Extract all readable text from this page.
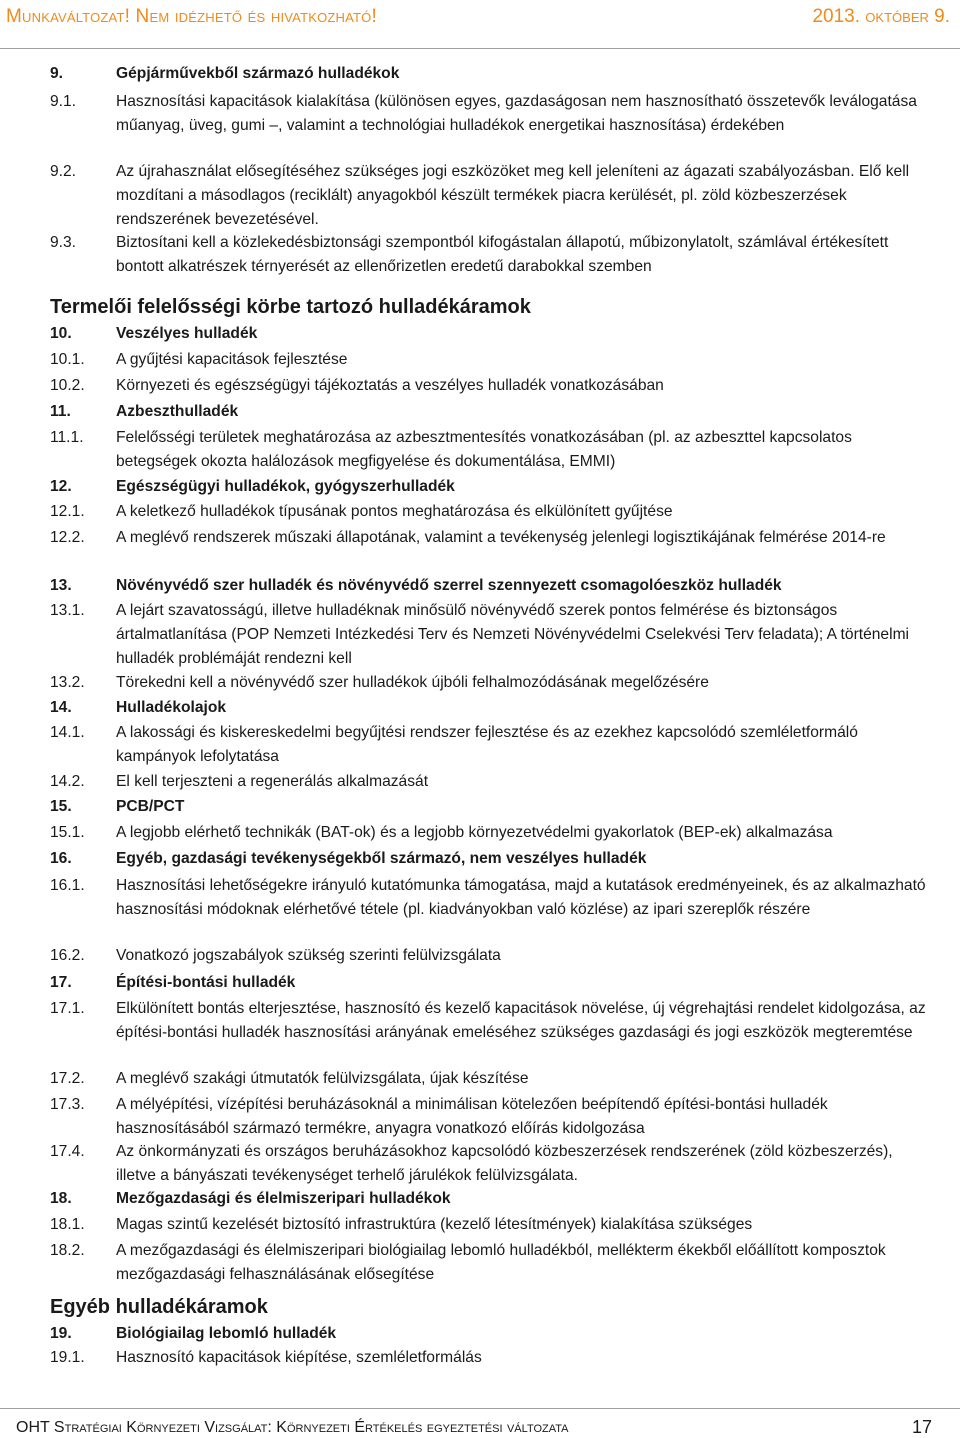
Munkaváltozat! Nem idézhető és hivatkozható!	2013. október 9.
9.	Gépjárművekből származó hulladékok
9.1.	Hasznosítási kapacitások kialakítása (különösen egyes, gazdaságosan nem hasznosítható összetevők leválogatása műanyag, üveg, gumi –, valamint a technológiai hulladékok energetikai hasznosítása) érdekében
9.2.	Az újrahasználat elősegítéséhez szükséges jogi eszközöket meg kell jeleníteni az ágazati szabályozásban. Elő kell mozdítani a másodlagos (reciklált) anyagokból készült termékek piacra kerülését, pl. zöld közbeszerzések rendszerének bevezetésével.
9.3.	Biztosítani kell a közlekedésbiztonsági szempontból kifogástalan állapotú, műbizonylatolt, számlával értékesített bontott alkatrészek térnyerését az ellenőrizetlen eredetű darabokkal szemben
Termelői felelősségi körbe tartozó hulladékáramok
10.	Veszélyes hulladék
10.1. A gyűjtési kapacitások fejlesztése
10.2. Környezeti és egészségügyi tájékoztatás a veszélyes hulladék vonatkozásában
11.	Azbeszthulladék
11.1. Felelősségi területek meghatározása az azbesztmentesítés vonatkozásában (pl. az azbeszttel kapcsolatos betegségek okozta halálozások megfigyelése és dokumentálása, EMMI)
12.	Egészségügyi hulladékok, gyógyszerhulladék
12.1. A keletkező hulladékok típusának pontos meghatározása és elkülönített gyűjtése
12.2. A meglévő rendszerek műszaki állapotának, valamint a tevékenység jelenlegi logisztikájának felmérése 2014-re
13.	Növényvédő szer hulladék és növényvédő szerrel szennyezett csomagolóeszköz hulladék
13.1. A lejárt szavatosságú, illetve hulladéknak minősülő növényvédő szerek pontos felmérése és biztonságos ártalmatlanítása (POP Nemzeti Intézkedési Terv és Nemzeti Növényvédelmi Cselekvési Terv feladata); A történelmi hulladék problémáját rendezni kell
13.2. Törekedni kell a növényvédő szer hulladékok újbóli felhalmozódásának megelőzésére
14.	Hulladékolajok
14.1. A lakossági és kiskereskedelmi begyűjtési rendszer fejlesztése és az ezekhez kapcsolódó szemléletformáló kampányok lefolytatása
14.2. El kell terjeszteni a regenerálás alkalmazását
15.	PCB/PCT
15.1. A legjobb elérhető technikák (BAT-ok) és a legjobb környezetvédelmi gyakorlatok (BEP-ek) alkalmazása
16.	Egyéb, gazdasági tevékenységekből származó, nem veszélyes hulladék
16.1. Hasznosítási lehetőségekre irányuló kutatómunka támogatása, majd a kutatások eredményeinek, és az alkalmazható hasznosítási módoknak elérhetővé tétele (pl. kiadványokban való közlése) az ipari szereplők részére
16.2. Vonatkozó jogszabályok szükség szerinti felülvizsgálata
17.	Építési-bontási hulladék
17.1. Elkülönített bontás elterjesztése, hasznosító és kezelő kapacitások növelése, új végrehajtási rendelet kidolgozása, az építési-bontási hulladék hasznosítási arányának emeléséhez szükséges gazdasági és jogi eszközök megteremtése
17.2. A meglévő szakági útmutatók felülvizsgálata, újak készítése
17.3. A mélyépítési, vízépítési beruházásoknál a minimálisan kötelezően beépítendő építési-bontási hulladék hasznosításából származó termékre, anyagra vonatkozó előírás kidolgozása
17.4. Az önkormányzati és országos beruházásokhoz kapcsolódó közbeszerzések rendszerének (zöld közbeszerzés), illetve a bányászati tevékenységet terhelő járulékok felülvizsgálata.
18.	Mezőgazdasági és élelmiszeripari hulladékok
18.1. Magas szintű kezelését biztosító infrastruktúra (kezelő létesítmények) kialakítása szükséges
18.2. A mezőgazdasági és élelmiszeripari biológiailag lebomló hulladékból, mellékterm ékekből előállított komposztok mezőgazdasági felhasználásának elősegítése
Egyéb hulladékáramok
19.	Biológiailag lebomló hulladék
19.1. Hasznosító kapacitások kiépítése, szemléletformálás
OHT Stratégiai Környezeti Vizsgálat: Környezeti Értékelés egyeztetési változata	17
